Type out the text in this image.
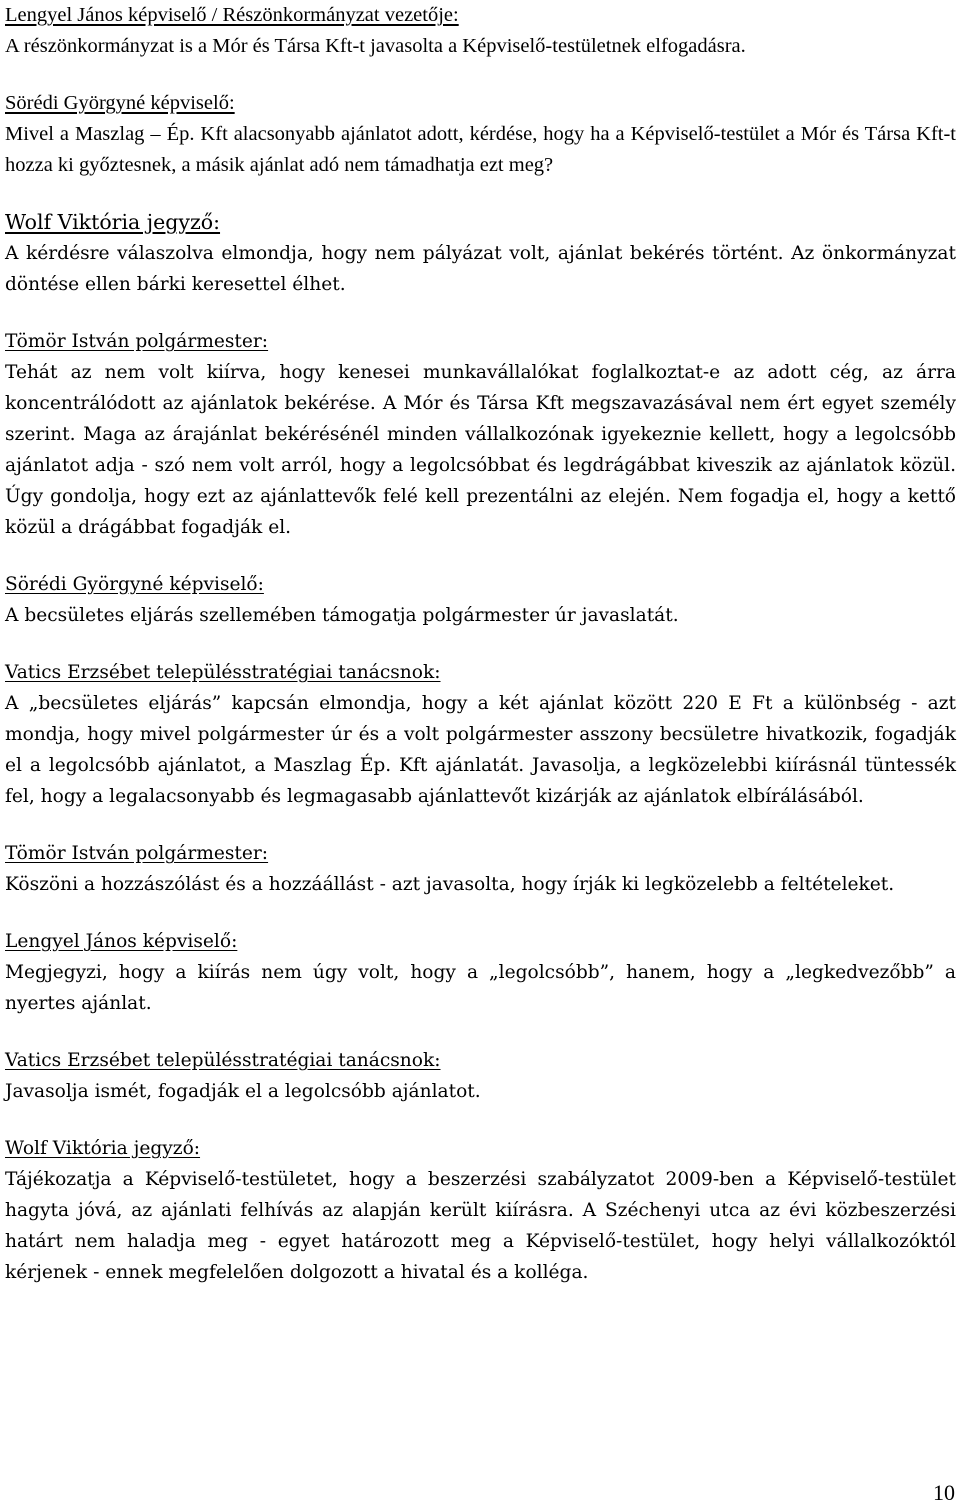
Lengyel János képviselő / Részönkormányzat vezetője:

A részönkormányzat is a Mór és Társa Kft-t javasolta a Képviselő-testületnek elfogadásra.

Sörédi Györgyné képviselő:

Mivel a Maszlag – Ép. Kft alacsonyabb ajánlatot adott, kérdése, hogy ha a Képviselő-testület a Mór és Társa Kft-t hozza ki győztesnek, a másik ajánlat adó nem támadhatja ezt meg?

Wolf Viktória jegyző:

A kérdésre válaszolva elmondja, hogy nem pályázat volt, ajánlat bekérés történt. Az önkormányzat döntése ellen bárki keresettel élhet.

Tömör István polgármester:

Tehát az nem volt kiírva, hogy kenesei munkavállalókat foglalkoztat-e az adott cég, az árra koncentrálódott az ajánlatok bekérése. A Mór és Társa Kft megszavazásával nem ért egyet személy szerint. Maga az árajánlat bekérésénél minden vállalkozónak igyekeznie kellett, hogy a legolcsóbb ajánlatot adja - szó nem volt arról, hogy a legolcsóbbat és legdrágábbat kiveszik az ajánlatok közül. Úgy gondolja, hogy ezt az ajánlattevők felé kell prezentálni az elején. Nem fogadja el, hogy a kettő közül a drágábbat fogadják el.

Sörédi Györgyné képviselő:

A becsületes eljárás szellemében támogatja polgármester úr javaslatát.

Vatics Erzsébet településstratégiai tanácsnok:

A „becsületes eljárás” kapcsán elmondja, hogy a két ajánlat között 220 E Ft a különbség - azt mondja, hogy mivel polgármester úr és a volt polgármester asszony becsületre hivatkozik, fogadják el a legolcsóbb ajánlatot, a Maszlag Ép. Kft ajánlatát. Javasolja, a legközelebbi kiírásnál tüntessék fel, hogy a legalacsonyabb és legmagasabb ajánlattevőt kizárják az ajánlatok elbírálásából.

Tömör István polgármester:

Köszöni a hozzászólást és a hozzáállást - azt javasolta, hogy írják ki legközelebb a feltételeket.

Lengyel János képviselő:

Megjegyzi, hogy a kiírás nem úgy volt, hogy a „legolcsóbb”, hanem, hogy a „legkedvezőbb” a nyertes ajánlat.

Vatics Erzsébet településstratégiai tanácsnok:

Javasolja ismét, fogadják el a legolcsóbb ajánlatot.

Wolf Viktória jegyző:

Tájékozatja a Képviselő-testületet, hogy a beszerzési szabályzatot 2009-ben a Képviselő-testület hagyta jóvá, az ajánlati felhívás az alapján került kiírásra. A Széchenyi utca az évi közbeszerzési határt nem haladja meg - egyet határozott meg a Képviselő-testület, hogy helyi vállalkozóktól kérjenek - ennek megfelelően dolgozott a hivatal és a kolléga.

10
